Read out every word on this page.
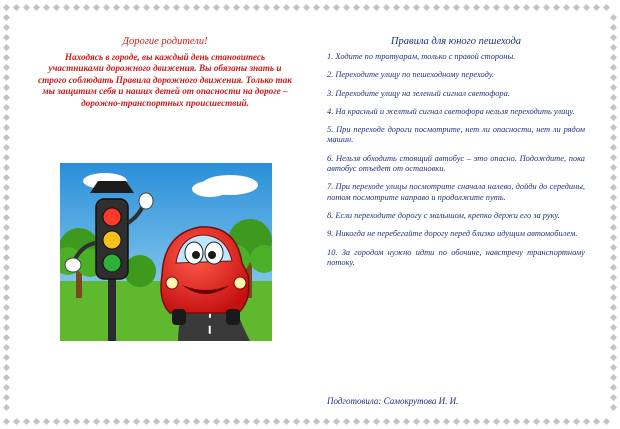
Дорогие родители!

Находясь в городе, вы каждый день становитесь участниками дорожного движения. Вы обязаны знать и строго соблюдать Правила дорожного движения. Только так мы защитим себя и наших детей от опасности на дороге – дорожно-транспортных происшествий.

Правила для юного пешехода

1. Ходите по тротуарам, только с правой стороны.
2. Переходите улицу по пешеходному переходу.
3. Переходите улицу на зеленый сигнал светофора.
4. На красный и желтый сигнал светофора нельзя переходить улицу.
5. При переходе дороги посмотрите, нет ли опасности, нет ли рядом машин.
6. Нельзя обходить стоящий автобус – это опасно. Подождите, пока автобус отъедет от остановки.
7. При переходе улицы посмотрите сначала налево, дойди до середины, потом посмотрите направо и продолжите путь.
8. Если переходите дорогу с малышом, крепко держи его за руку.
9. Никогда не перебегайте дорогу перед близко идущим автомобилем.
10. За городом нужно идти по обочине, навстречу транспортному потоку.
Подготовила: Самокрутова И. И.
